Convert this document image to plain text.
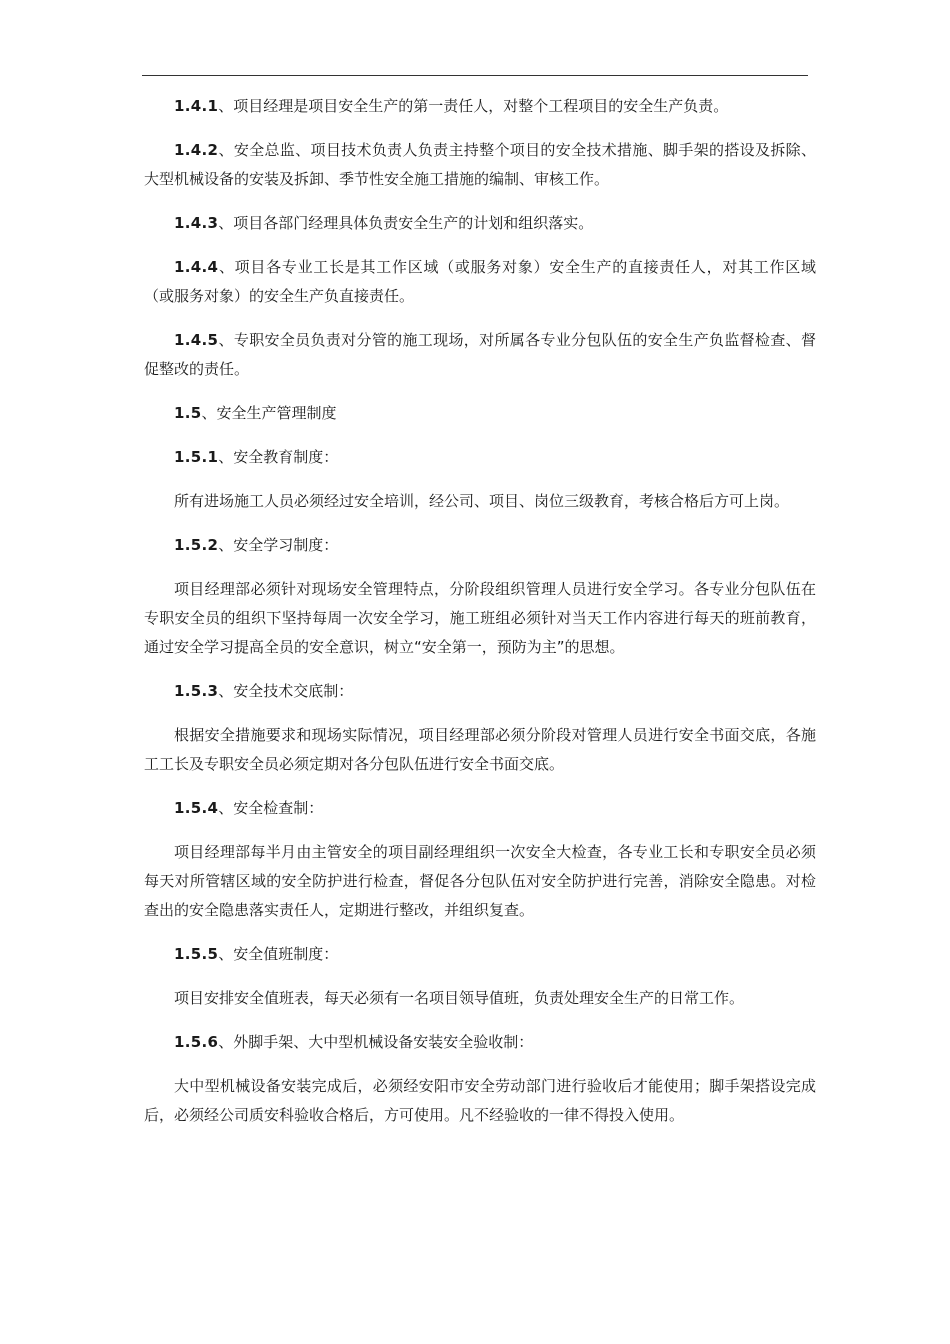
1.4.1、项目经理是项目安全生产的第一责任人，对整个工程项目的安全生产负责。

1.4.2、安全总监、项目技术负责人负责主持整个项目的安全技术措施、脚手架的搭设及拆除、大型机械设备的安装及拆卸、季节性安全施工措施的编制、审核工作。

1.4.3、项目各部门经理具体负责安全生产的计划和组织落实。

1.4.4、项目各专业工长是其工作区域（或服务对象）安全生产的直接责任人，对其工作区域（或服务对象）的安全生产负直接责任。

1.4.5、专职安全员负责对分管的施工现场，对所属各专业分包队伍的安全生产负监督检查、督促整改的责任。

1.5、安全生产管理制度

1.5.1、安全教育制度：

所有进场施工人员必须经过安全培训，经公司、项目、岗位三级教育，考核合格后方可上岗。

1.5.2、安全学习制度：

项目经理部必须针对现场安全管理特点，分阶段组织管理人员进行安全学习。各专业分包队伍在专职安全员的组织下坚持每周一次安全学习，施工班组必须针对当天工作内容进行每天的班前教育，通过安全学习提高全员的安全意识，树立“安全第一，预防为主”的思想。

1.5.3、安全技术交底制：

根据安全措施要求和现场实际情况，项目经理部必须分阶段对管理人员进行安全书面交底，各施工工长及专职安全员必须定期对各分包队伍进行安全书面交底。

1.5.4、安全检查制：

项目经理部每半月由主管安全的项目副经理组织一次安全大检查，各专业工长和专职安全员必须每天对所管辖区域的安全防护进行检查，督促各分包队伍对安全防护进行完善，消除安全隐患。对检查出的安全隐患落实责任人，定期进行整改，并组织复查。

1.5.5、安全值班制度：

项目安排安全值班表，每天必须有一名项目领导值班，负责处理安全生产的日常工作。

1.5.6、外脚手架、大中型机械设备安装安全验收制：

大中型机械设备安装完成后，必须经安阳市安全劳动部门进行验收后才能使用；脚手架搭设完成后，必须经公司质安科验收合格后，方可使用。凡不经验收的一律不得投入使用。
